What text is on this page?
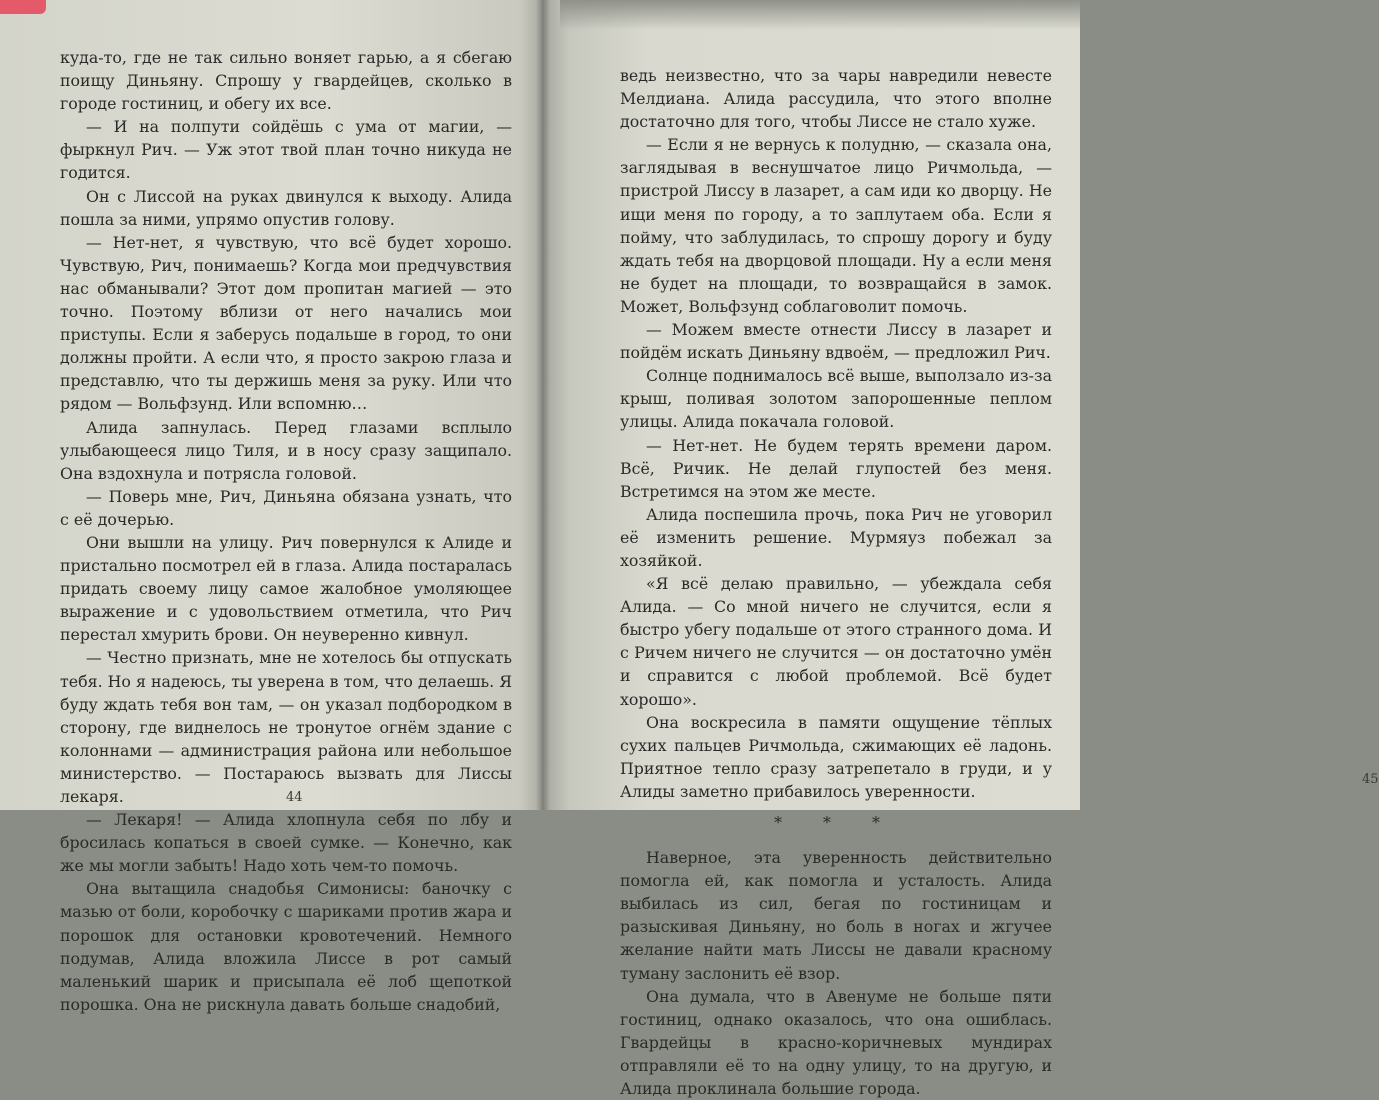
куда-то, где не так сильно воняет гарью, а я сбегаю поищу Диньяну. Спрошу у гвардейцев, сколько в городе гостиниц, и обегу их все.

— И на полпути сойдёшь с ума от магии, — фыркнул Рич. — Уж этот твой план точно никуда не годится.

Он с Лиссой на руках двинулся к выходу. Алида пошла за ними, упрямо опустив голову.

— Нет-нет, я чувствую, что всё будет хорошо. Чувствую, Рич, понимаешь? Когда мои предчувствия нас обманывали? Этот дом пропитан магией — это точно. Поэтому вблизи от него начались мои приступы. Если я заберусь подальше в город, то они должны пройти. А если что, я просто закрою глаза и представлю, что ты держишь меня за руку. Или что рядом — Вольфзунд. Или вспомню…

Алида запнулась. Перед глазами всплыло улыбающееся лицо Тиля, и в носу сразу защипало. Она вздохнула и потрясла головой.

— Поверь мне, Рич, Диньяна обязана узнать, что с её дочерью.

Они вышли на улицу. Рич повернулся к Алиде и пристально посмотрел ей в глаза. Алида постаралась придать своему лицу самое жалобное умоляющее выражение и с удовольствием отметила, что Рич перестал хмурить брови. Он неуверенно кивнул.

— Честно признать, мне не хотелось бы отпускать тебя. Но я надеюсь, ты уверена в том, что делаешь. Я буду ждать тебя вон там, — он указал подбородком в сторону, где виднелось не тронутое огнём здание с колоннами — администрация района или небольшое министерство. — Постараюсь вызвать для Лиссы лекаря.

— Лекаря! — Алида хлопнула себя по лбу и бросилась копаться в своей сумке. — Конечно, как же мы могли забыть! Надо хоть чем-то помочь.

Она вытащила снадобья Симонисы: баночку с мазью от боли, коробочку с шариками против жара и порошок для остановки кровотечений. Немного подумав, Алида вложила Лиссе в рот самый маленький шарик и присыпала её лоб щепоткой порошка. Она не рискнула давать больше снадобий,

44

ведь неизвестно, что за чары навредили невесте Мелдиана. Алида рассудила, что этого вполне достаточно для того, чтобы Лиссе не стало хуже.

— Если я не вернусь к полудню, — сказала она, заглядывая в веснушчатое лицо Ричмольда, — пристрой Лиссу в лазарет, а сам иди ко дворцу. Не ищи меня по городу, а то заплутаем оба. Если я пойму, что заблудилась, то спрошу дорогу и буду ждать тебя на дворцовой площади. Ну а если меня не будет на площади, то возвращайся в замок. Может, Вольфзунд соблаговолит помочь.

— Можем вместе отнести Лиссу в лазарет и пойдём искать Диньяну вдвоём, — предложил Рич.

Солнце поднималось всё выше, выползало из-за крыш, поливая золотом запорошенные пеплом улицы. Алида покачала головой.

— Нет-нет. Не будем терять времени даром. Всё, Ричик. Не делай глупостей без меня. Встретимся на этом же месте.

Алида поспешила прочь, пока Рич не уговорил её изменить решение. Мурмяуз побежал за хозяйкой.

«Я всё делаю правильно, — убеждала себя Алида. — Со мной ничего не случится, если я быстро убегу подальше от этого странного дома. И с Ричем ничего не случится — он достаточно умён и справится с любой проблемой. Всё будет хорошо».

Она воскресила в памяти ощущение тёплых сухих пальцев Ричмольда, сжимающих её ладонь. Приятное тепло сразу затрепетало в груди, и у Алиды заметно прибавилось уверенности.

* * *

Наверное, эта уверенность действительно помогла ей, как помогла и усталость. Алида выбилась из сил, бегая по гостиницам и разыскивая Диньяну, но боль в ногах и жгучее желание найти мать Лиссы не давали красному туману заслонить её взор.

Она думала, что в Авенуме не больше пяти гостиниц, однако оказалось, что она ошиблась. Гвардейцы в красно-коричневых мундирах отправляли её то на одну улицу, то на другую, и Алида проклинала большие города.

45
